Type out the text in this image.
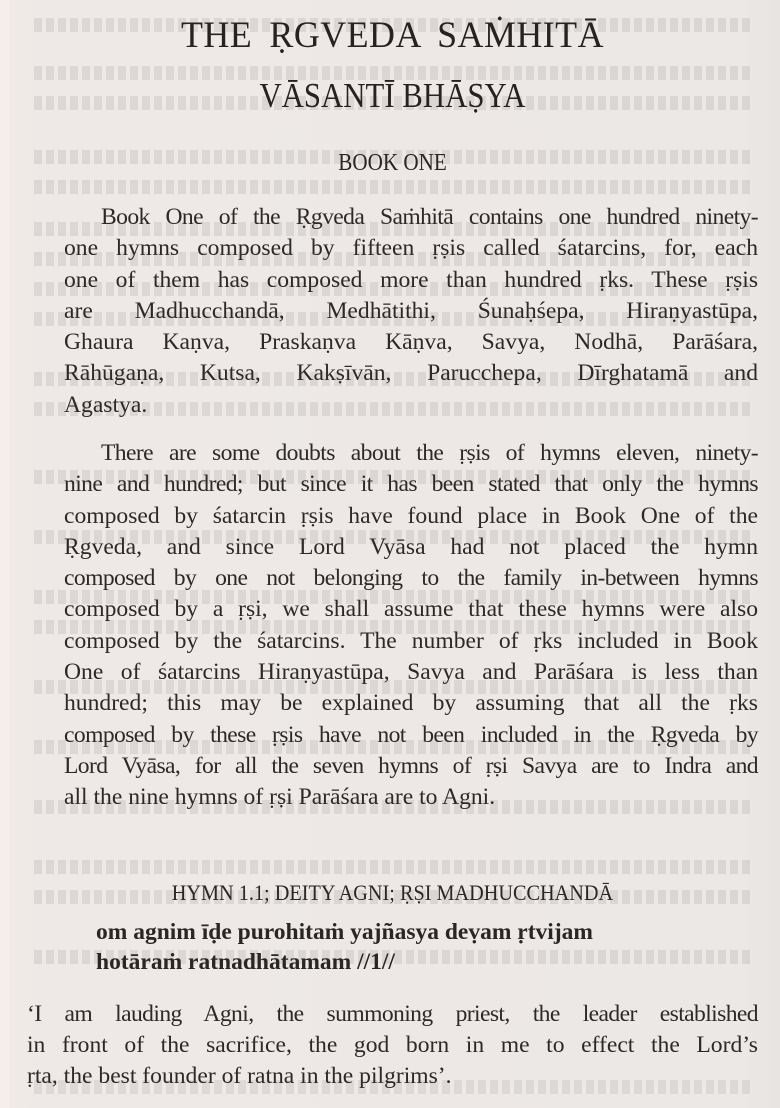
THE ṚGVEDA SAṀHITĀ
VĀSANTĪ BHĀṢYA
BOOK ONE
Book One of the Ṛgveda Saṁhitā contains one hundred ninety-
one hymns composed by fifteen ṛṣis called śatarcins, for, each
one of them has composed more than hundred ṛks. These ṛṣis
are Madhucchandā, Medhātithi, Śunaḥśepa, Hiraṇyastūpa,
Ghaura Kaṇva, Praskaṇva Kāṇva, Savya, Nodhā, Parāśara,
Rāhūgaṇa, Kutsa, Kakṣīvān, Parucchepa, Dīrghatamā and
Agastya.
There are some doubts about the ṛṣis of hymns eleven, ninety-
nine and hundred; but since it has been stated that only the hymns
composed by śatarcin ṛṣis have found place in Book One of the
Ṛgveda, and since Lord Vyāsa had not placed the hymn
composed by one not belonging to the family in-between hymns
composed by a ṛṣi, we shall assume that these hymns were also
composed by the śatarcins. The number of ṛks included in Book
One of śatarcins Hiraṇyastūpa, Savya and Parāśara is less than
hundred; this may be explained by assuming that all the ṛks
composed by these ṛṣis have not been included in the Ṛgveda by
Lord Vyāsa, for all the seven hymns of ṛṣi Savya are to Indra and
all the nine hymns of ṛṣi Parāśara are to Agni.
HYMN 1.1; DEITY AGNI; ṚṢI MADHUCCHANDĀ
om agnim īḍe purohitaṁ yajñasya deṿam ṛtvijam
hotāraṁ ratnadhātamam //1//
‘I am lauding Agni, the summoning priest, the leader established
in front of the sacrifice, the god born in me to effect the Lord’s
ṛta, the best founder of ratna in the pilgrims’.
